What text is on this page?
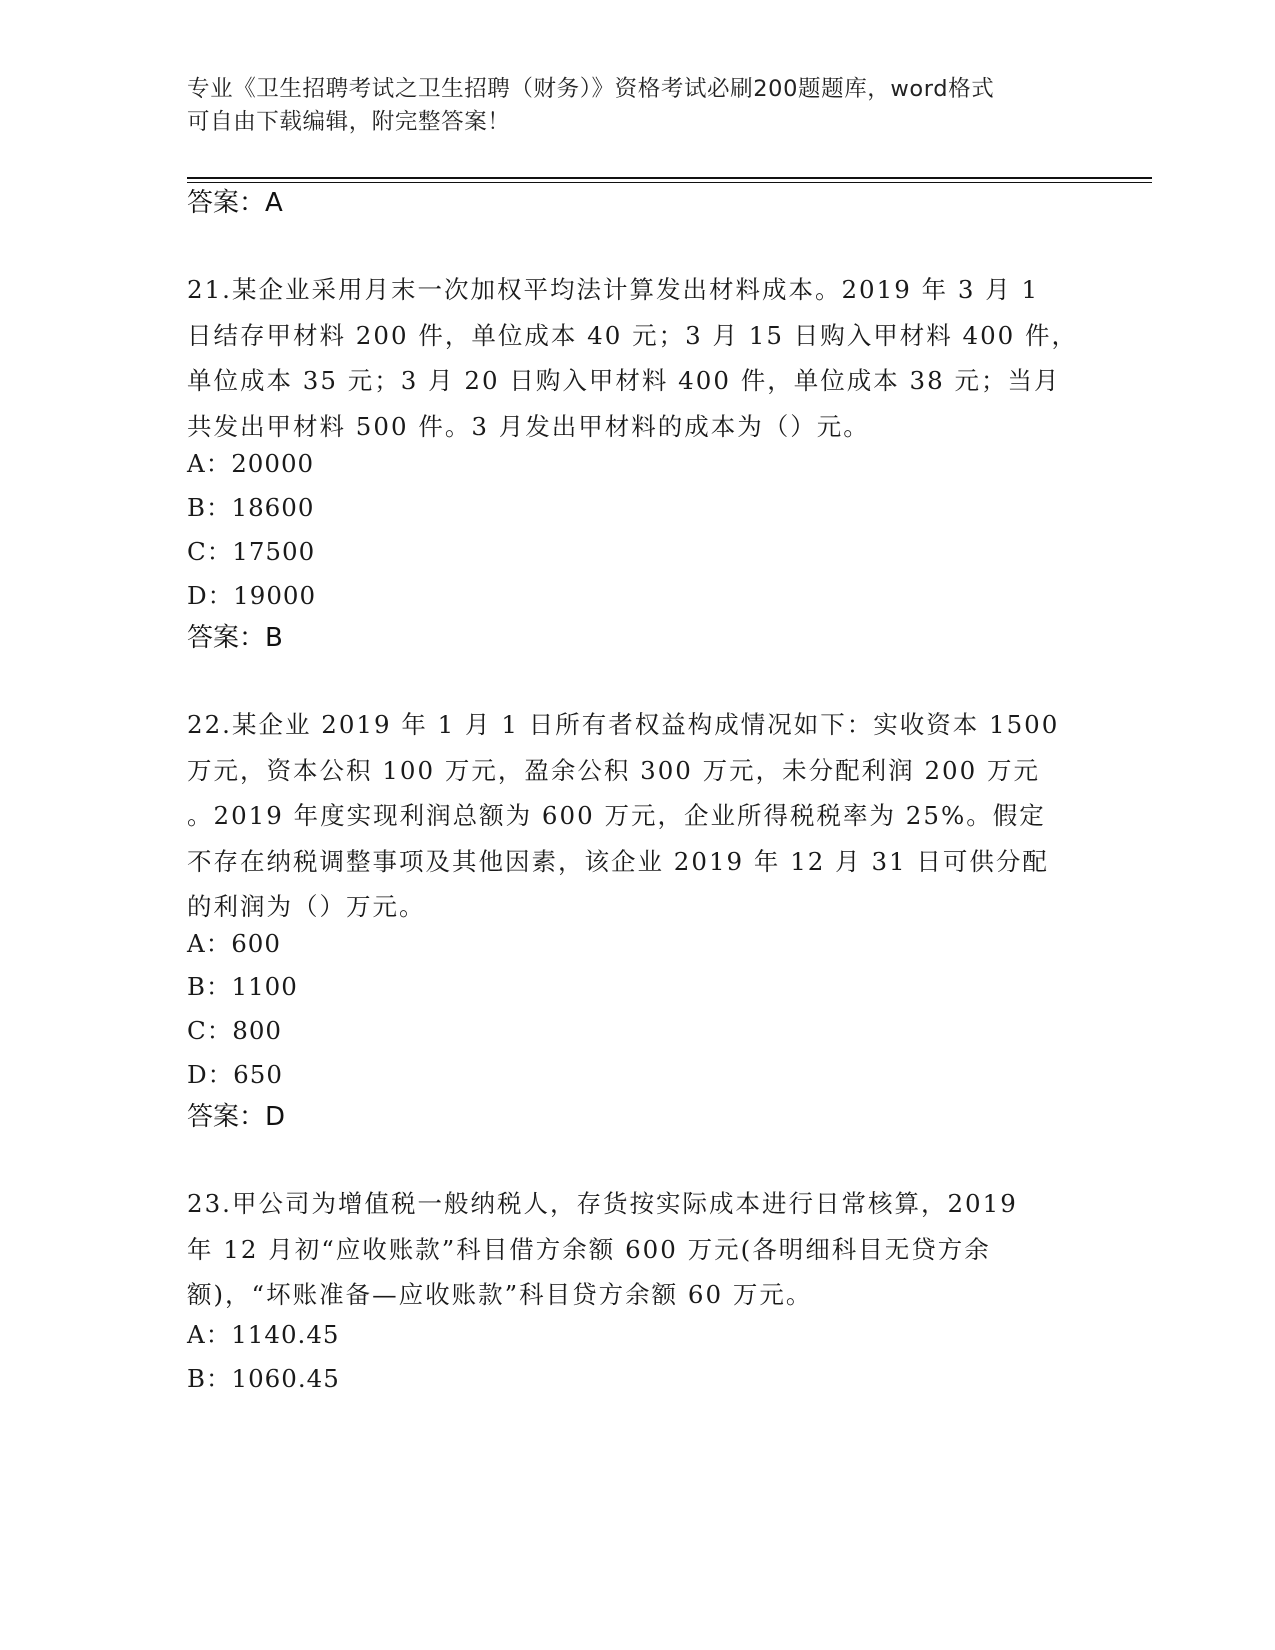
专业《卫生招聘考试之卫生招聘（财务）》资格考试必刷200题题库，word格式
可自由下载编辑，附完整答案！
答案：A
21.某企业采用月末一次加权平均法计算发出材料成本。2019 年 3 月 1
日结存甲材料 200 件，单位成本 40 元；3 月 15 日购入甲材料 400 件，
单位成本 35 元；3 月 20 日购入甲材料 400 件，单位成本 38 元；当月
共发出甲材料 500 件。3 月发出甲材料的成本为（）元。
A：20000
B：18600
C：17500
D：19000
答案：B
22.某企业 2019 年 1 月 1 日所有者权益构成情况如下：实收资本 1500
万元，资本公积 100 万元，盈余公积 300 万元，未分配利润 200 万元
。2019 年度实现利润总额为 600 万元，企业所得税税率为 25%。假定
不存在纳税调整事项及其他因素，该企业 2019 年 12 月 31 日可供分配
的利润为（）万元。
A：600
B：1100
C：800
D：650
答案：D
23.甲公司为增值税一般纳税人，存货按实际成本进行日常核算，2019
年 12 月初“应收账款”科目借方余额 600 万元(各明细科目无贷方余
额)，“坏账准备—应收账款”科目贷方余额 60 万元。
A：1140.45
B：1060.45
